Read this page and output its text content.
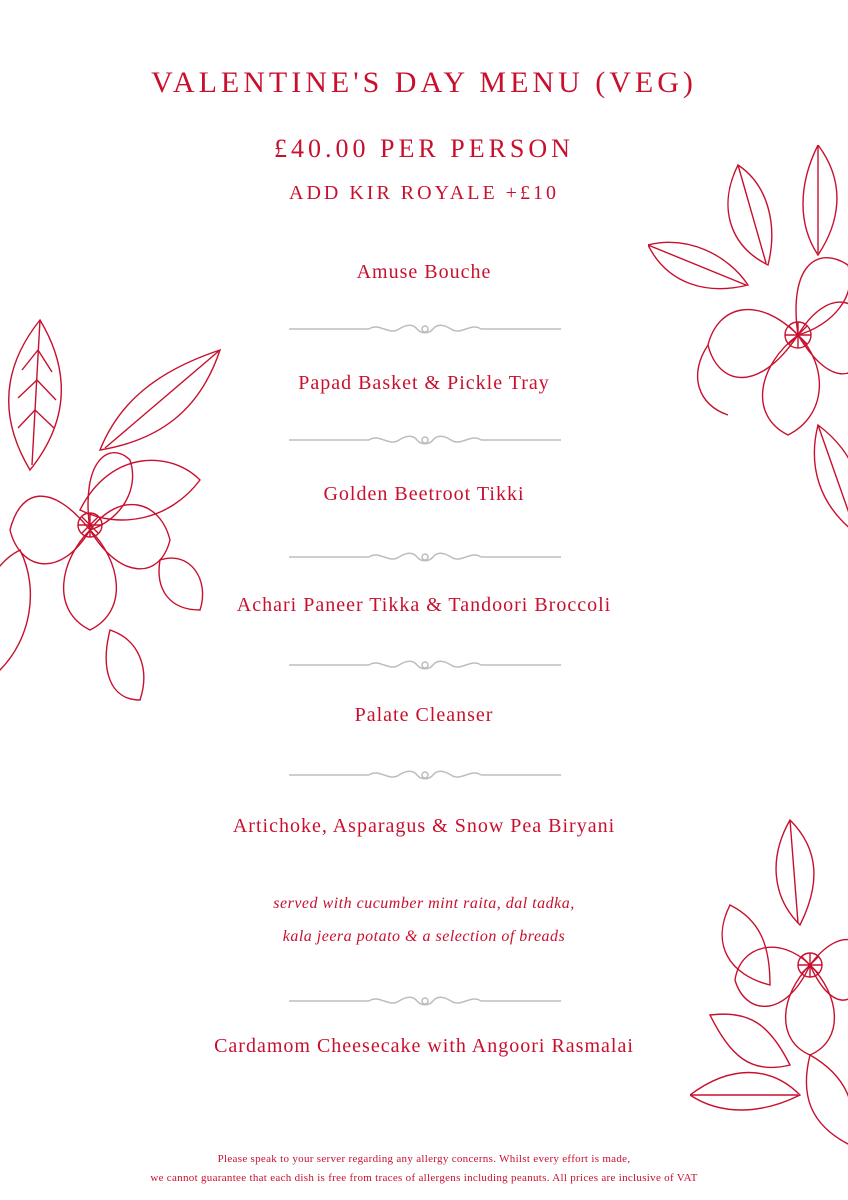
VALENTINE'S DAY MENU (VEG)
£40.00 PER PERSON
ADD KIR ROYALE +£10
Amuse Bouche
Papad Basket & Pickle Tray
Golden Beetroot Tikki
Achari Paneer Tikka & Tandoori Broccoli
Palate Cleanser
Artichoke, Asparagus & Snow Pea Biryani
served with cucumber mint raita, dal tadka,
kala jeera potato & a selection of breads
Cardamom Cheesecake with Angoori Rasmalai
Please speak to your server regarding any allergy concerns. Whilst every effort is made,
we cannot guarantee that each dish is free from traces of allergens including peanuts. All prices are inclusive of VAT
